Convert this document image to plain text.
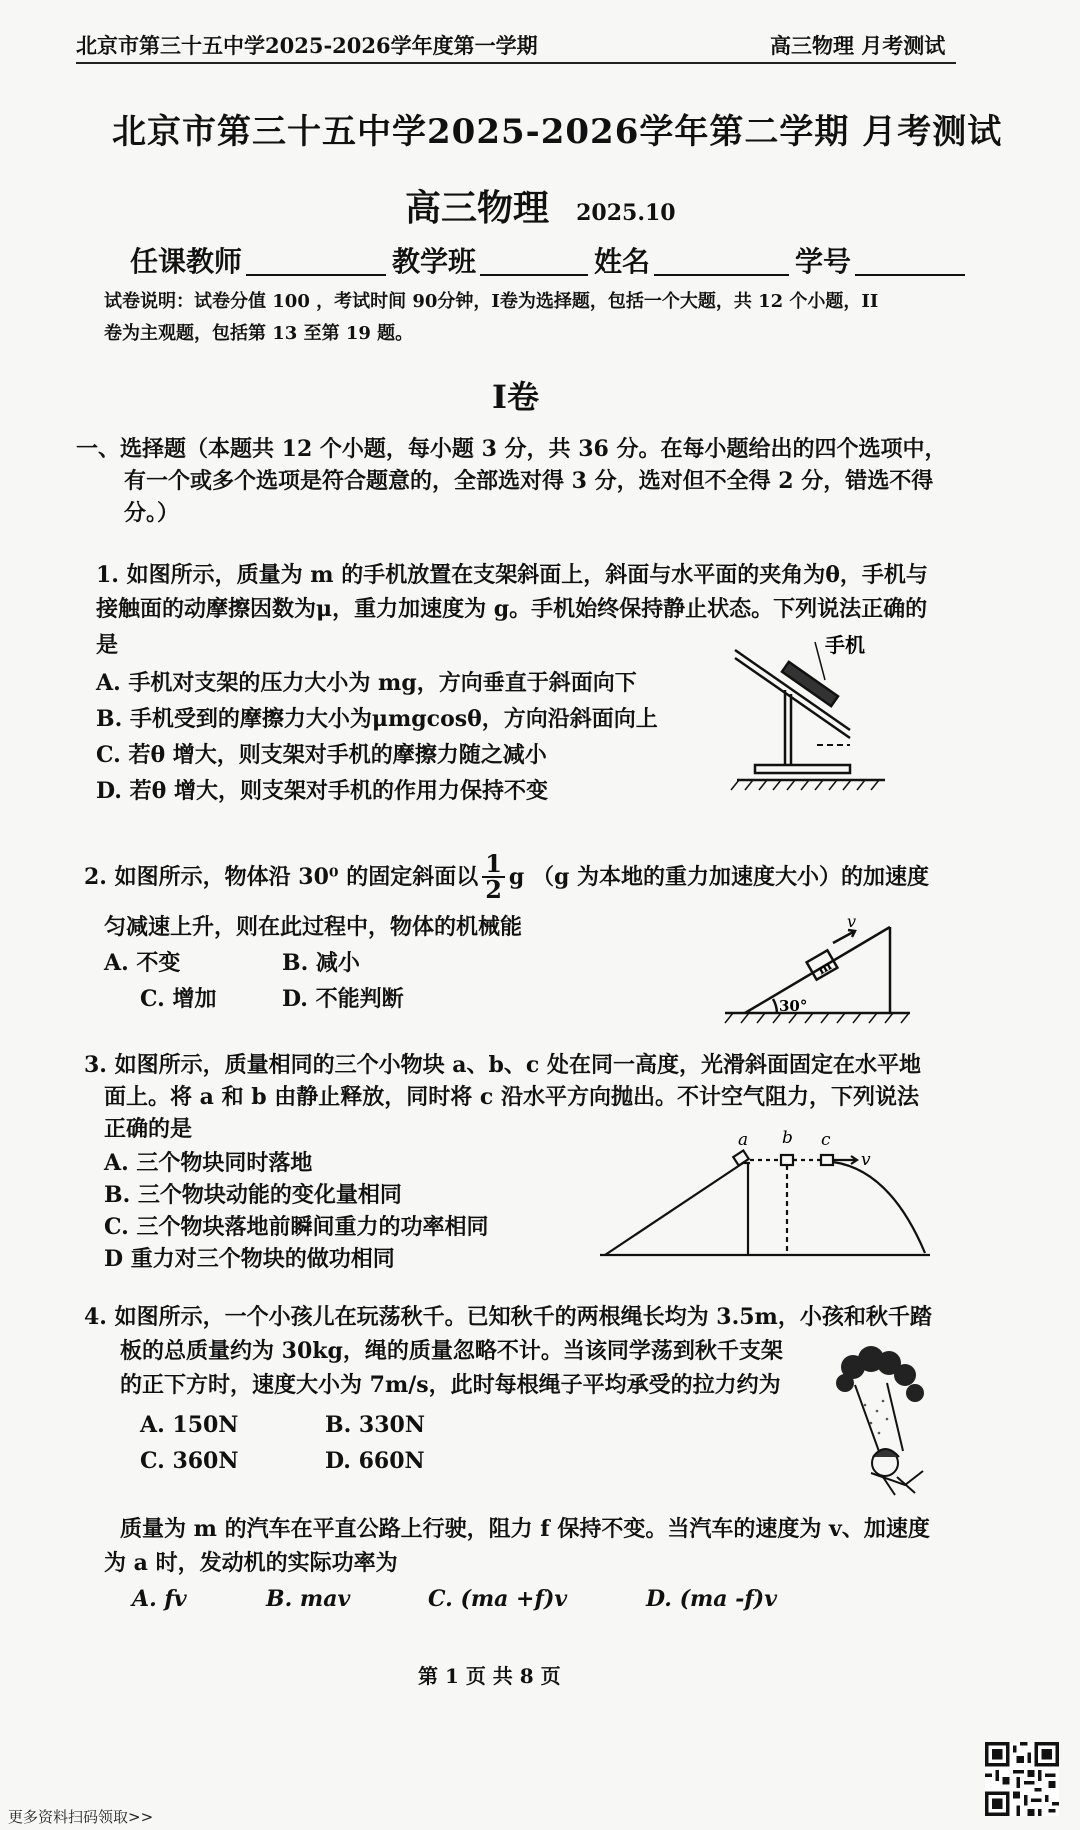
北京市第三十五中学2025-2026学年度第一学期	高三物理 月考测试
北京市第三十五中学2025-2026学年第二学期 月考测试
高三物理 2025.10
任课教师	教学班	姓名	学号
试卷说明：试卷分值 100 ，考试时间 90分钟，I卷为选择题，包括一个大题，共 12 个小题，II
卷为主观题，包括第 13 至第 19 题。
I卷
一、选择题（本题共 12 个小题，每小题 3 分，共 36 分。在每小题给出的四个选项中，
有一个或多个选项是符合题意的，全部选对得 3 分，选对但不全得 2 分，错选不得
分。）
1. 如图所示，质量为 m 的手机放置在支架斜面上，斜面与水平面的夹角为θ，手机与
接触面的动摩擦因数为μ，重力加速度为 g。手机始终保持静止状态。下列说法正确的
是
A. 手机对支架的压力大小为 mg，方向垂直于斜面向下
B. 手机受到的摩擦力大小为μmgcosθ，方向沿斜面向上
C. 若θ 增大，则支架对手机的摩擦力随之减小
D. 若θ 增大，则支架对手机的作用力保持不变
手机
2. 如图所示，物体沿 30⁰ 的固定斜面以 $\frac{1}{2}$ g （g 为本地的重力加速度大小）的加速度
匀减速上升，则在此过程中，物体的机械能
A. 不变	B. 减小
C. 增加	D. 不能判断
m
v
30°
3. 如图所示，质量相同的三个小物块 a、b、c 处在同一高度，光滑斜面固定在水平地
面上。将 a 和 b 由静止释放，同时将 c 沿水平方向抛出。不计空气阻力，下列说法
正确的是
A. 三个物块同时落地
B. 三个物块动能的变化量相同
C. 三个物块落地前瞬间重力的功率相同
D 重力对三个物块的做功相同
a b c
v
4. 如图所示，一个小孩儿在玩荡秋千。已知秋千的两根绳长均为 3.5m，小孩和秋千踏
板的总质量约为 30kg，绳的质量忽略不计。当该同学荡到秋千支架
的正下方时，速度大小为 7m/s，此时每根绳子平均承受的拉力约为
A. 150N	B. 330N
C. 360N	D. 660N
质量为 m 的汽车在平直公路上行驶，阻力 f 保持不变。当汽车的速度为 v、加速度
为 a 时，发动机的实际功率为
A. fv	B. mav	C. (ma +f)v	D. (ma -f)v
第 1 页 共 8 页
更多资料扫码领取>>
